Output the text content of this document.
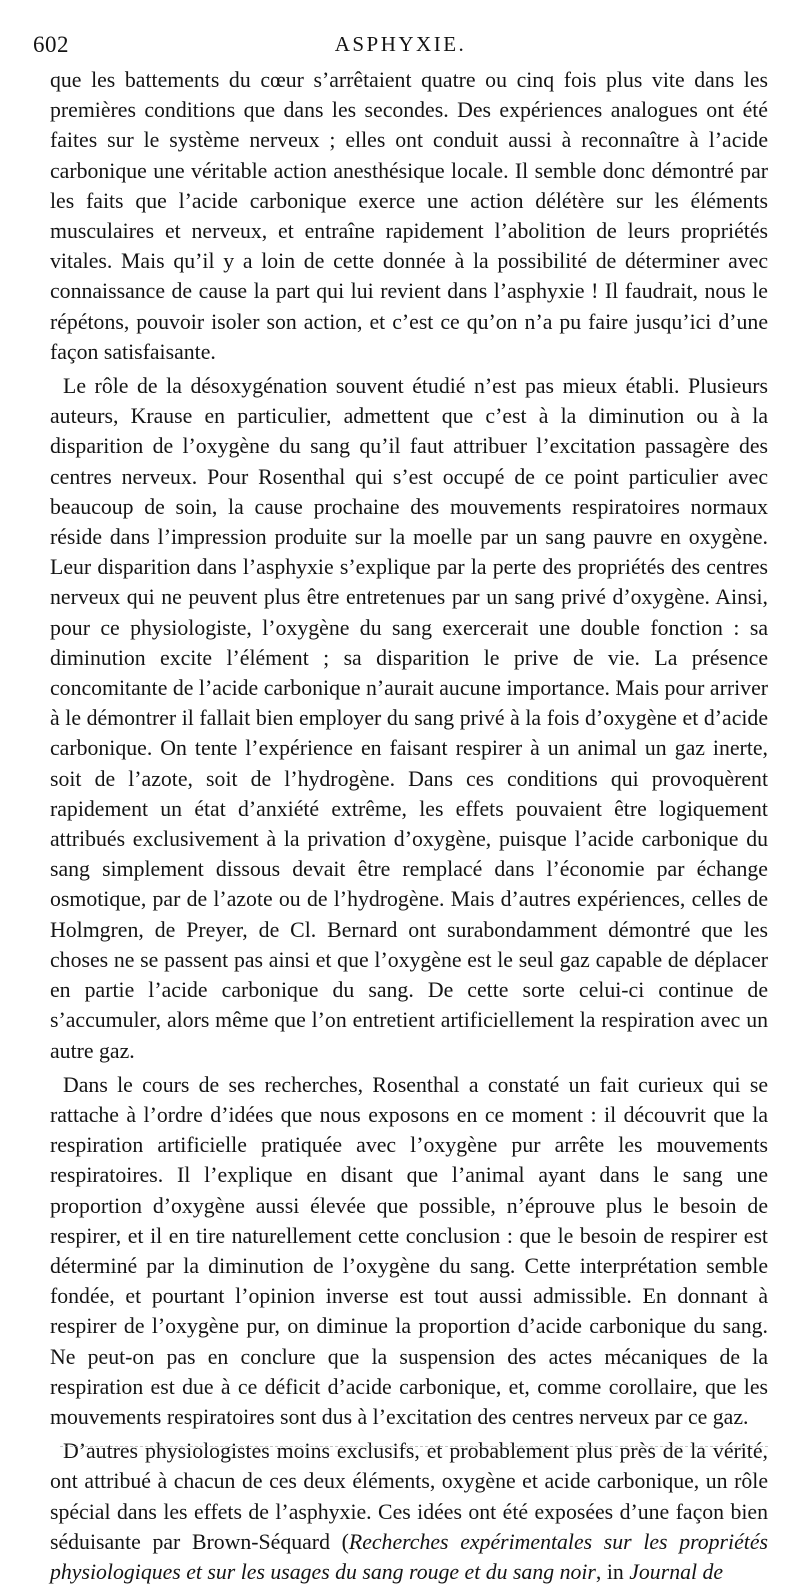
602	ASPHYXIE.

que les battements du cœur s’arrêtaient quatre ou cinq fois plus vite dans les premières conditions que dans les secondes. Des expériences analogues ont été faites sur le système nerveux ; elles ont conduit aussi à reconnaître à l’acide carbonique une véritable action anesthésique locale. Il semble donc démontré par les faits que l’acide carbonique exerce une action délétère sur les éléments musculaires et nerveux, et entraîne rapidement l’abolition de leurs propriétés vitales. Mais qu’il y a loin de cette donnée à la possibilité de déterminer avec connaissance de cause la part qui lui revient dans l’asphyxie ! Il faudrait, nous le répétons, pouvoir isoler son action, et c’est ce qu’on n’a pu faire jusqu’ici d’une façon satisfaisante.

Le rôle de la désoxygénation souvent étudié n’est pas mieux établi. Plusieurs auteurs, Krause en particulier, admettent que c’est à la diminution ou à la disparition de l’oxygène du sang qu’il faut attribuer l’excitation passagère des centres nerveux. Pour Rosenthal qui s’est occupé de ce point particulier avec beaucoup de soin, la cause prochaine des mouvements respiratoires normaux réside dans l’impression produite sur la moelle par un sang pauvre en oxygène. Leur disparition dans l’asphyxie s’explique par la perte des propriétés des centres nerveux qui ne peuvent plus être entretenues par un sang privé d’oxygène. Ainsi, pour ce physiologiste, l’oxygène du sang exercerait une double fonction : sa diminution excite l’élément ; sa disparition le prive de vie. La présence concomitante de l’acide carbonique n’aurait aucune importance. Mais pour arriver à le démontrer il fallait bien employer du sang privé à la fois d’oxygène et d’acide carbonique. On tente l’expérience en faisant respirer à un animal un gaz inerte, soit de l’azote, soit de l’hydrogène. Dans ces conditions qui provoquèrent rapidement un état d’anxiété extrême, les effets pouvaient être logiquement attribués exclusivement à la privation d’oxygène, puisque l’acide carbonique du sang simplement dissous devait être remplacé dans l’économie par échange osmotique, par de l’azote ou de l’hydrogène. Mais d’autres expériences, celles de Holmgren, de Preyer, de Cl. Bernard ont surabondamment démontré que les choses ne se passent pas ainsi et que l’oxygène est le seul gaz capable de déplacer en partie l’acide carbonique du sang. De cette sorte celui-ci continue de s’accumuler, alors même que l’on entretient artificiellement la respiration avec un autre gaz.

Dans le cours de ses recherches, Rosenthal a constaté un fait curieux qui se rattache à l’ordre d’idées que nous exposons en ce moment : il découvrit que la respiration artificielle pratiquée avec l’oxygène pur arrête les mouvements respiratoires. Il l’explique en disant que l’animal ayant dans le sang une proportion d’oxygène aussi élevée que possible, n’éprouve plus le besoin de respirer, et il en tire naturellement cette conclusion : que le besoin de respirer est déterminé par la diminution de l’oxygène du sang. Cette interprétation semble fondée, et pourtant l’opinion inverse est tout aussi admissible. En donnant à respirer de l’oxygène pur, on diminue la proportion d’acide carbonique du sang. Ne peut-on pas en conclure que la suspension des actes mécaniques de la respiration est due à ce déficit d’acide carbonique, et, comme corollaire, que les mouvements respiratoires sont dus à l’excitation des centres nerveux par ce gaz.

D’autres physiologistes moins exclusifs, et probablement plus près de la vérité, ont attribué à chacun de ces deux éléments, oxygène et acide carbonique, un rôle spécial dans les effets de l’asphyxie. Ces idées ont été exposées d’une façon bien séduisante par Brown-Séquard (Recherches expérimentales sur les propriétés physiologiques et sur les usages du sang rouge et du sang noir, in Journal de
